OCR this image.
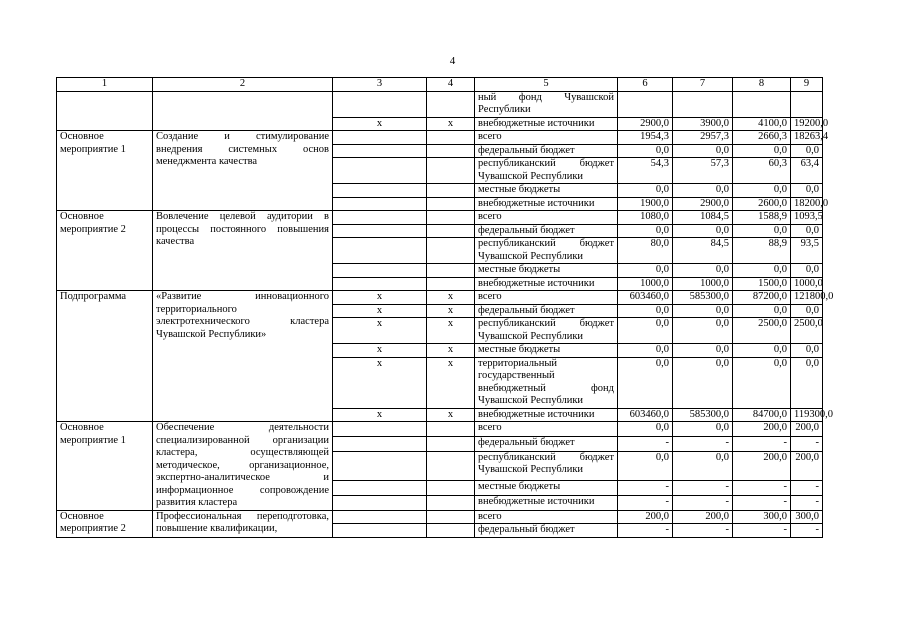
4
1	2	3	4	5	6	7	8	9
				ный фонд Чувашской Республики				
		х	х	внебюджетные источники	2900,0	3900,0	4100,0	19200,0
Основное мероприятие 1	Создание и стимулирование внедрения системных основ менеджмента качества			всего	1954,3	2957,3	2660,3	18263,4
				федеральный бюджет	0,0	0,0	0,0	0,0
				республиканский бюджет Чувашской Республики	54,3	57,3	60,3	63,4
				местные бюджеты	0,0	0,0	0,0	0,0
				внебюджетные источники	1900,0	2900,0	2600,0	18200,0
Основное мероприятие 2	Вовлечение целевой аудитории в процессы постоянного повышения качества			всего	1080,0	1084,5	1588,9	1093,5
				федеральный бюджет	0,0	0,0	0,0	0,0
				республиканский бюджет Чувашской Республики	80,0	84,5	88,9	93,5
				местные бюджеты	0,0	0,0	0,0	0,0
				внебюджетные источники	1000,0	1000,0	1500,0	1000,0
Подпрограмма	«Развитие инновационного территориального электротехнического кластера Чувашской Республики»	х	х	всего	603460,0	585300,0	87200,0	121800,0
		х	х	федеральный бюджет	0,0	0,0	0,0	0,0
		х	х	республиканский бюджет Чувашской Республики	0,0	0,0	2500,0	2500,0
		х	х	местные бюджеты	0,0	0,0	0,0	0,0
		х	х	территориальный государственный внебюджетный фонд Чувашской Республики	0,0	0,0	0,0	0,0
		х	х	внебюджетные источники	603460,0	585300,0	84700,0	119300,0
Основное мероприятие 1	Обеспечение деятельности специализированной организации кластера, осуществляющей методическое, организационное, экспертно-аналитическое и информационное сопровождение развития кластера			всего	0,0	0,0	200,0	200,0
				федеральный бюджет	-	-	-	-
				республиканский бюджет Чувашской Республики	0,0	0,0	200,0	200,0
				местные бюджеты	-	-	-	-
				внебюджетные источники	-	-	-	-
Основное мероприятие 2	Профессиональная переподготовка, повышение квалификации,			всего	200,0	200,0	300,0	300,0
				федеральный бюджет	-	-	-	-
